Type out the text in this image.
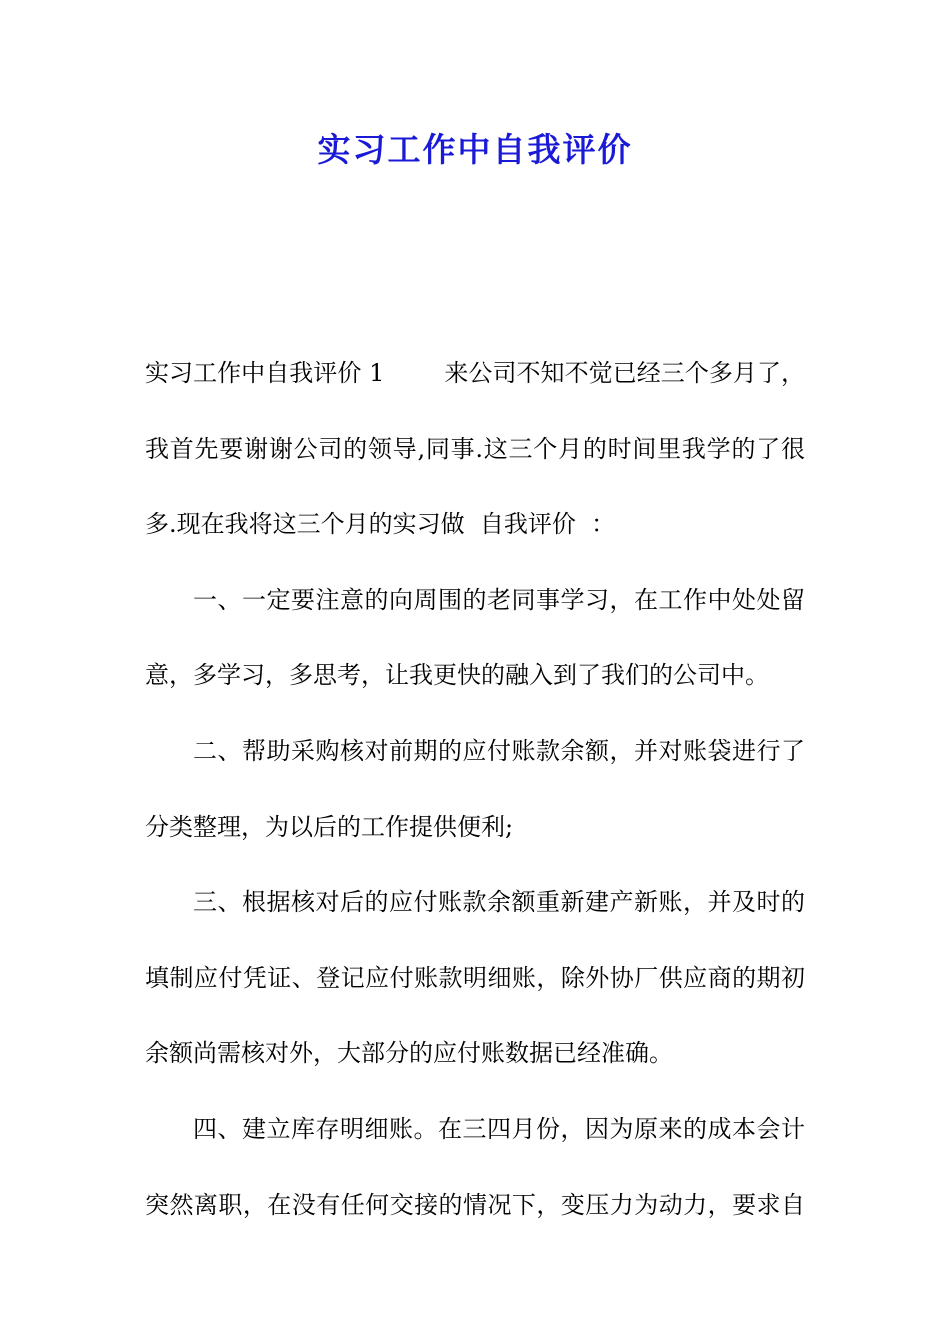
实习工作中自我评价
实习工作中自我评价 1	来公司不知不觉已经三个多月了，
我首先要谢谢公司的领导,同事.这三个月的时间里我学的了很
多.现在我将这三个月的实习做  自我评价  ：
一、一定要注意的向周围的老同事学习，在工作中处处留
意，多学习，多思考，让我更快的融入到了我们的公司中。
二、帮助采购核对前期的应付账款余额，并对账袋进行了
分类整理，为以后的工作提供便利;
三、根据核对后的应付账款余额重新建产新账，并及时的
填制应付凭证、登记应付账款明细账，除外协厂供应商的期初
余额尚需核对外，大部分的应付账数据已经准确。
四、建立库存明细账。在三四月份，因为原来的成本会计
突然离职，在没有任何交接的情况下，变压力为动力，要求自
